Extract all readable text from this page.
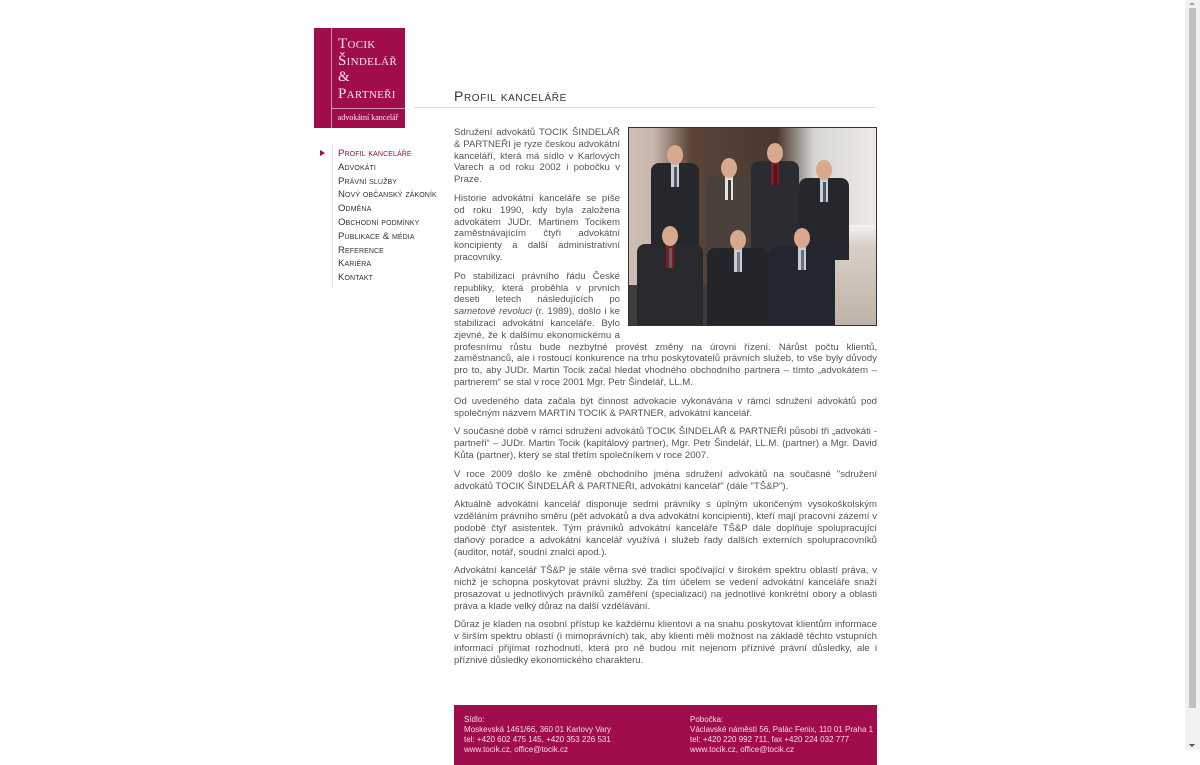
Tocik
Šindelář
&
Partneři
advokátní kancelář
Profil kanceláře
Profil kanceláře
Advokáti
Právní služby
Nový občanský zákoník
Odměna
Obchodní podmínky
Publikace & média
Reference
Kariéra
Kontakt

Sdružení advokátů TOCIK ŠINDELÁŘ & PARTNEŘI je ryze českou advokátní kanceláří, která má sídlo v Karlových Varech a od roku 2002 i pobočku v Praze.

Historie advokátní kanceláře se píše od roku 1990, kdy byla založena advokátem JUDr. Martinem Tocikem zaměstnávajícím čtyři advokátní koncipienty a další administrativní pracovníky.

Po stabilizaci právního řádu České republiky, která proběhla v prvních deseti letech následujících po sametové revoluci (r. 1989), došlo i ke stabilizaci advokátní kanceláře. Bylo zjevné, že k dalšímu ekonomickému a profesnímu růstu bude nezbytné provést změny na úrovni řízení. Nárůst počtu klientů, zaměstnanců, ale i rostoucí konkurence na trhu poskytovatelů právních služeb, to vše byly důvody pro to, aby JUDr. Martin Tocik začal hledat vhodného obchodního partnera – tímto „advokátem – partnerem“ se stal v roce 2001 Mgr. Petr Šindelář, LL.M.

Od uvedeného data začala být činnost advokacie vykonávána v rámci sdružení advokátů pod společným názvem MARTIN TOCIK & PARTNER, advokátní kancelář.

V současné době v rámci sdružení advokátů TOCIK ŠINDELÁŘ & PARTNEŘI působí tři „advokáti - partneři“ – JUDr. Martin Tocik (kapitálový partner), Mgr. Petr Šindelář, LL.M. (partner) a Mgr. David Kůta (partner), který se stal třetím společníkem v roce 2007.

V roce 2009 došlo ke změně obchodního jména sdružení advokátů na současné "sdružení advokátů TOCIK ŠINDELÁŘ & PARTNEŘI, advokátní kancelář" (dále "TŠ&P").

Aktuálně advokátní kancelář disponuje sedmi právníky s úplným ukončeným vysokoškolským vzděláním právního směru (pět advokátů a dva advokátní koncipienti), kteří mají pracovní zázemí v podobě čtyř asistentek. Tým právníků advokátní kanceláře TŠ&P dále doplňuje spolupracující daňový poradce a advokátní kancelář využívá i služeb řady dalších externích spolupracovníků (auditor, notář, soudní znalci apod.).

Advokátní kancelář TŠ&P je stále věrna své tradici spočívající v širokém spektru oblastí práva, v nichž je schopna poskytovat právní služby. Za tím účelem se vedení advokátní kanceláře snaží prosazovat u jednotlivých právníků zaměření (specializaci) na jednotlivé konkrétní obory a oblasti práva a klade velký důraz na další vzdělávání.

Důraz je kladen na osobní přístup ke každému klientovi a na snahu poskytovat klientům informace v širším spektru oblastí (i mimoprávních) tak, aby klienti měli možnost na základě těchto vstupních informací přijímat rozhodnutí, která pro ně budou mít nejenom příznivé právní důsledky, ale i příznivé důsledky ekonomického charakteru.

Sídlo:
Moskevská 1461/66, 360 01 Karlovy Vary
tel: +420 602 475 145, +420 353 226 531
www.tocik.cz, office@tocik.cz
Pobočka:
Václavské náměstí 56, Palác Fenix, 110 01 Praha 1
tel: +420 220 992 711, fax +420 224 032 777
www.tocik.cz, office@tocik.cz
